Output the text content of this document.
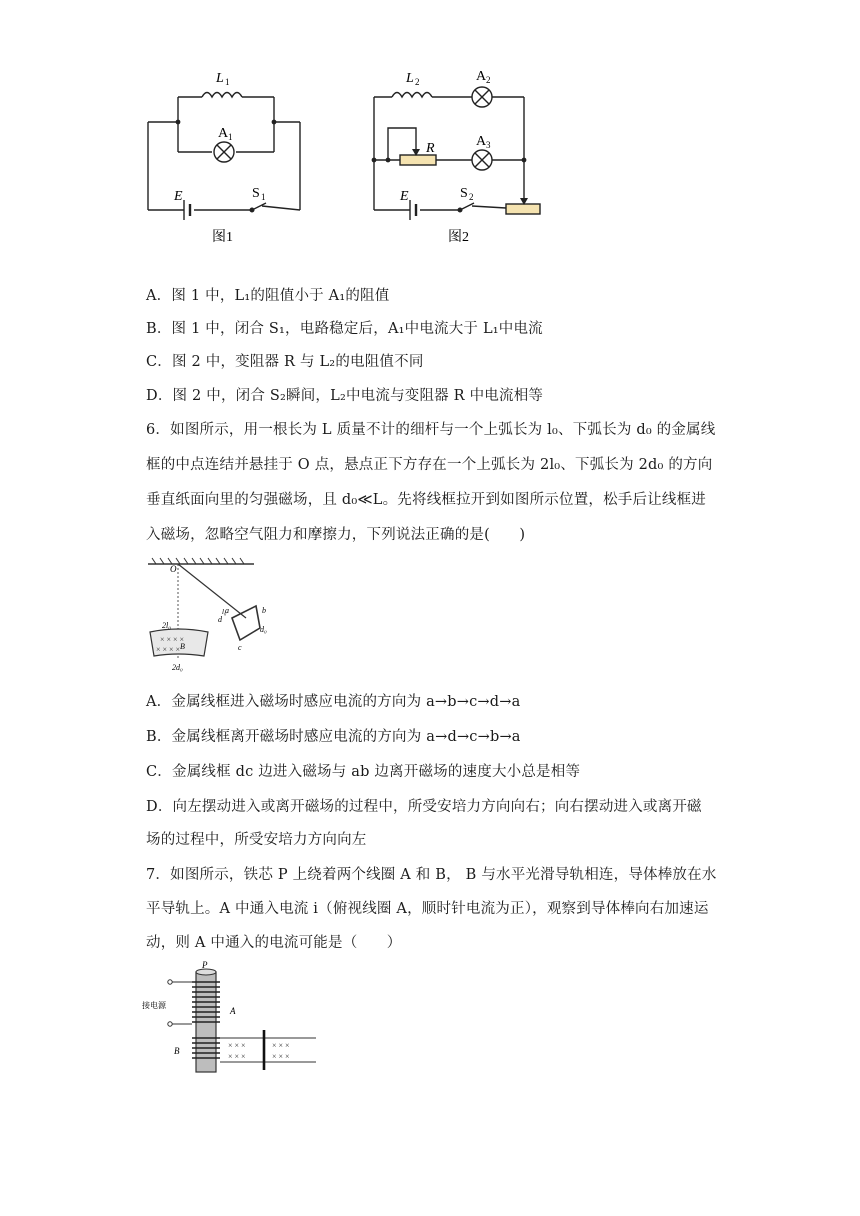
L 1
A 1
E	S 1
图1
L 2	A 2
A 3
R
E	S 2
图2
A．图 1 中，L₁的阻值小于 A₁的阻值
B．图 1 中，闭合 S₁，电路稳定后，A₁中电流大于 L₁中电流
C．图 2 中，变阻器 R 与 L₂的电阻值不同
D．图 2 中，闭合 S₂瞬间，L₂中电流与变阻器 R 中电流相等
6．如图所示，用一根长为 L 质量不计的细杆与一个上弧长为 l₀、下弧长为 d₀ 的金属线
框的中点连结并悬挂于 O 点，悬点正下方存在一个上弧长为 2l₀、下弧长为 2d₀ 的方向
垂直纸面向里的匀强磁场，且 d₀≪L。先将线框拉开到如图所示位置，松手后让线框进
入磁场，忽略空气阻力和摩擦力，下列说法正确的是(　　)
× × × ×
× × × ×
a	b
c
d
l₀
d₀
O
2l₀
2d₀
B
A．金属线框进入磁场时感应电流的方向为 a→b→c→d→a
B．金属线框离开磁场时感应电流的方向为 a→d→c→b→a
C．金属线框 dc 边进入磁场与 ab 边离开磁场的速度大小总是相等
D．向左摆动进入或离开磁场的过程中，所受安培力方向向右；向右摆动进入或离开磁
场的过程中，所受安培力方向向左
7．如图所示，铁芯 P 上绕着两个线圈 A 和 B， B 与水平光滑导轨相连，导体棒放在水
平导轨上。A 中通入电流 i（俯视线圈 A，顺时针电流为正），观察到导体棒向右加速运
动，则 A 中通入的电流可能是（　　）
× × ×
× × ×
× × ×
× × ×
P
A
B
接电源
